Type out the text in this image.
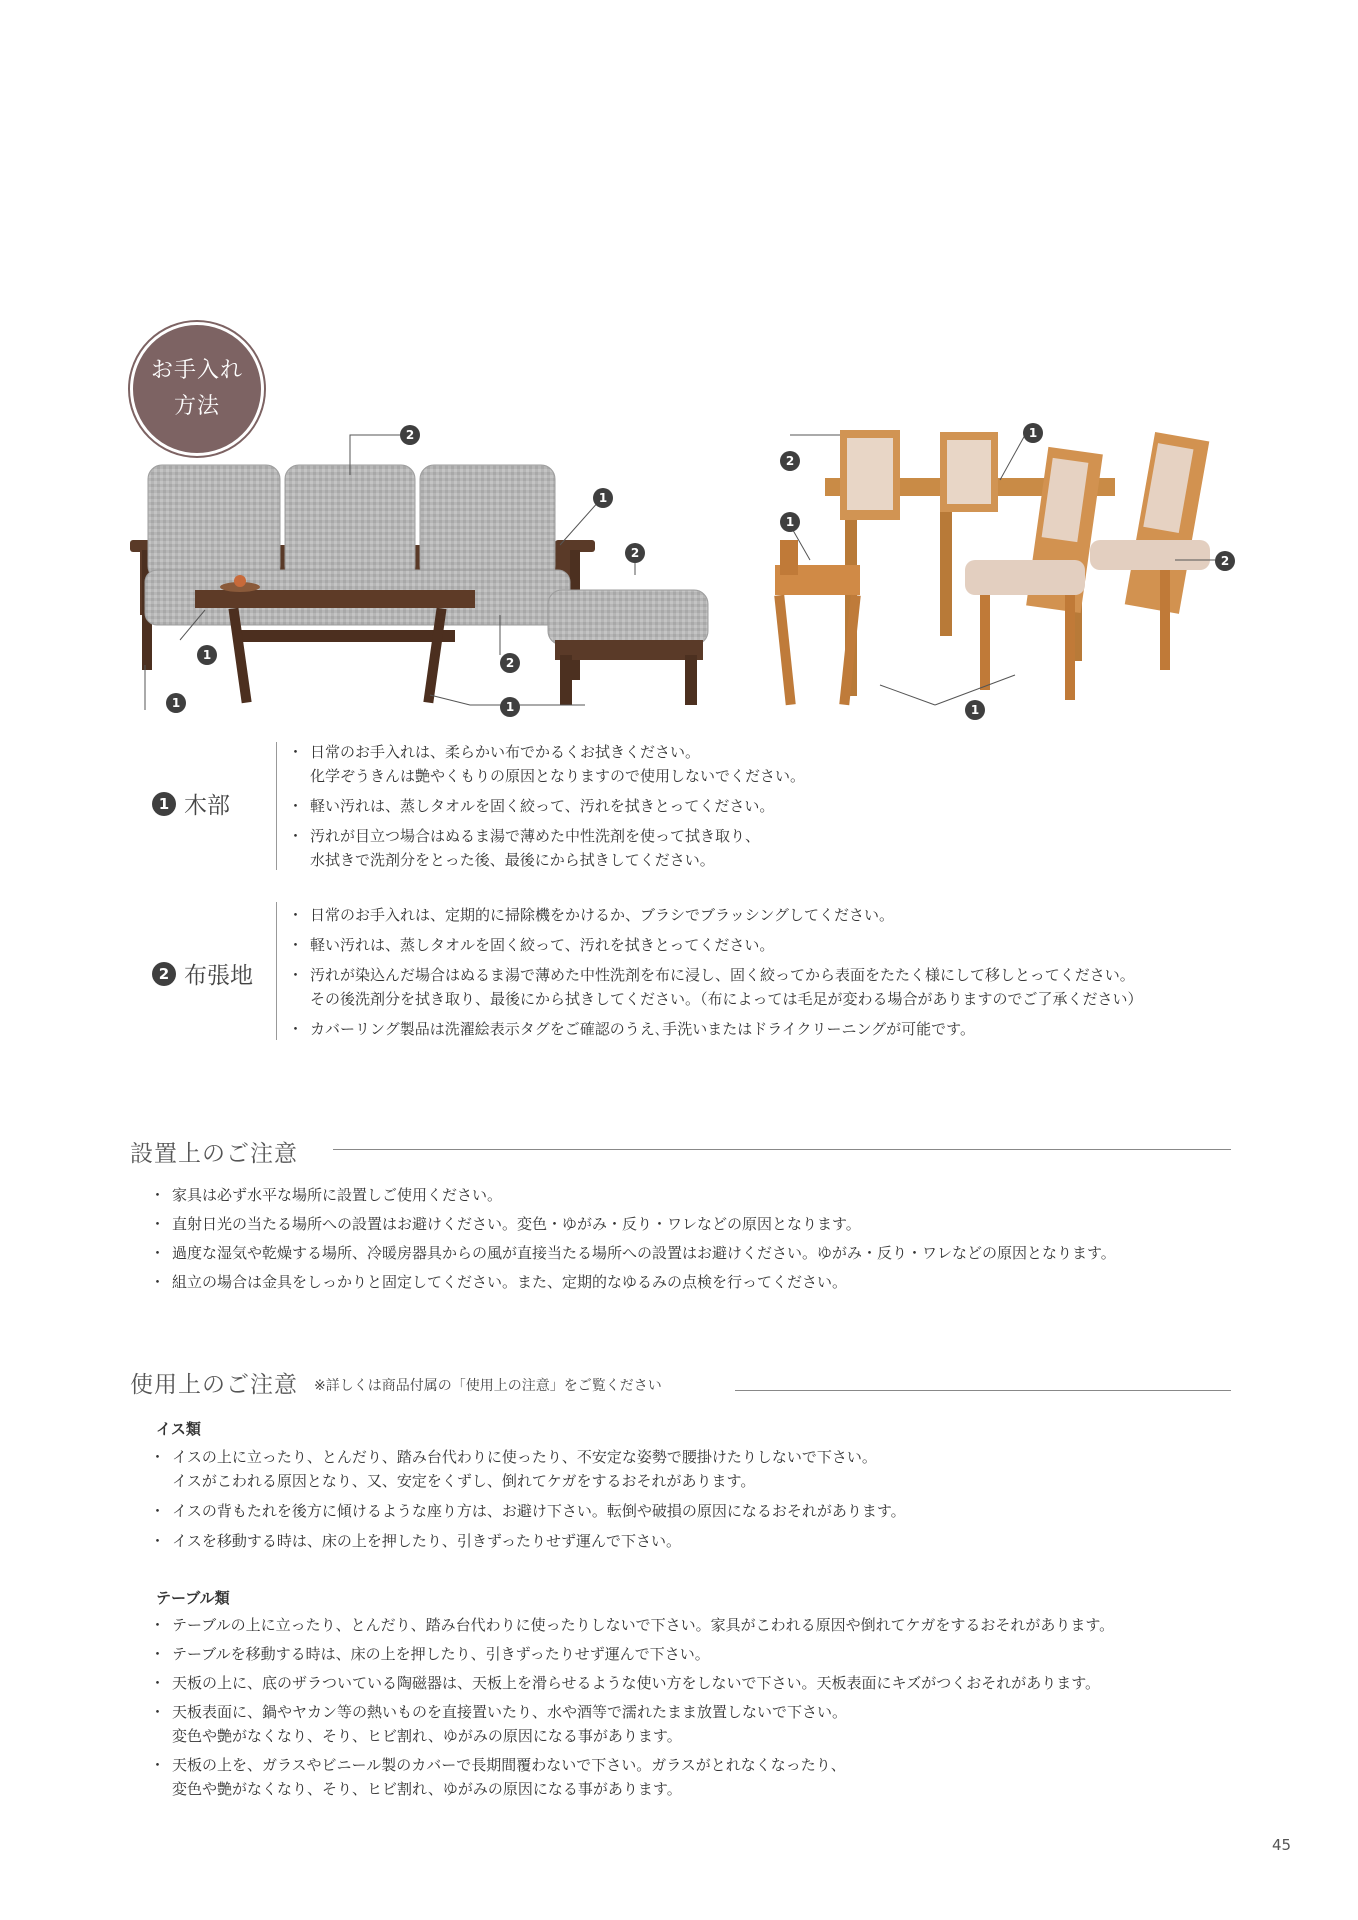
お手入れ
方法
2
1
2
1
2
1	1
2
1
1
2
1
1 木部
・ 日常のお手入れは、柔らかい布でかるくお拭きください。
化学ぞうきんは艶やくもりの原因となりますので使用しないでください。
・ 軽い汚れは、蒸しタオルを固く絞って、汚れを拭きとってください。
・ 汚れが目立つ場合はぬるま湯で薄めた中性洗剤を使って拭き取り、
水拭きで洗剤分をとった後、最後にから拭きしてください。
2 布張地
・ 日常のお手入れは、定期的に掃除機をかけるか、ブラシでブラッシングしてください。
・ 軽い汚れは、蒸しタオルを固く絞って、汚れを拭きとってください。
・ 汚れが染込んだ場合はぬるま湯で薄めた中性洗剤を布に浸し、固く絞ってから表面をたたく様にして移しとってください。
その後洗剤分を拭き取り、最後にから拭きしてください。（布によっては毛足が変わる場合がありますのでご了承ください）
・ カバーリング製品は洗濯絵表示タグをご確認のうえ､手洗いまたはドライクリーニングが可能です。
設置上のご注意
・ 家具は必ず水平な場所に設置しご使用ください。
・ 直射日光の当たる場所への設置はお避けください。変色・ゆがみ・反り・ワレなどの原因となります。
・ 過度な湿気や乾燥する場所、冷暖房器具からの風が直接当たる場所への設置はお避けください。ゆがみ・反り・ワレなどの原因となります。
・ 組立の場合は金具をしっかりと固定してください。また、定期的なゆるみの点検を行ってください。
使用上のご注意 ※詳しくは商品付属の「使用上の注意」をご覧ください
イス類
・ イスの上に立ったり、とんだり、踏み台代わりに使ったり、不安定な姿勢で腰掛けたりしないで下さい。
イスがこわれる原因となり、又、安定をくずし、倒れてケガをするおそれがあります。
・ イスの背もたれを後方に傾けるような座り方は、お避け下さい。転倒や破損の原因になるおそれがあります。
・ イスを移動する時は、床の上を押したり、引きずったりせず運んで下さい。
テーブル類
・ テーブルの上に立ったり、とんだり、踏み台代わりに使ったりしないで下さい。家具がこわれる原因や倒れてケガをするおそれがあります。
・ テーブルを移動する時は、床の上を押したり、引きずったりせず運んで下さい。
・ 天板の上に、底のザラついている陶磁器は、天板上を滑らせるような使い方をしないで下さい。天板表面にキズがつくおそれがあります。
・ 天板表面に、鍋やヤカン等の熱いものを直接置いたり、水や酒等で濡れたまま放置しないで下さい。
変色や艶がなくなり、そり、ヒビ割れ、ゆがみの原因になる事があります。
・ 天板の上を、ガラスやビニール製のカバーで長期間覆わないで下さい。ガラスがとれなくなったり、
変色や艶がなくなり、そり、ヒビ割れ、ゆがみの原因になる事があります。
45
